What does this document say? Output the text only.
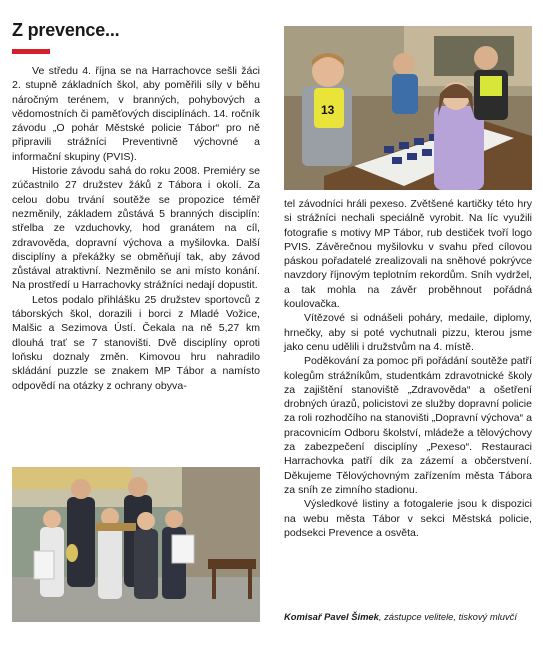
Z prevence...

Ve středu 4. října se na Harrachovce sešli žáci 2. stupně základních škol, aby poměřili síly v běhu náročným terénem, v branných, pohybových a vědomostních či paměťových disciplínách. 14. ročník závodu „O pohár Městské policie Tábor“ pro ně připravili strážníci Preventivně výchovné a informační skupiny (PVIS).

Historie závodu sahá do roku 2008. Premiéry se zúčastnilo 27 družstev žáků z Tábora i okolí. Za celou dobu trvání soutěže se propozice téměř nezměnily, základem zůstává 5 branných disciplín: střelba ze vzduchovky, hod granátem na cíl, zdravověda, dopravní výchova a myšilovka. Další disciplíny a překážky se obměňují tak, aby závod zůstával atraktivní. Nezměnilo se ani místo konání. Na prostředí u Harrachovky strážníci nedají dopustit.

Letos podalo přihlášku 25 družstev sportovců z táborských škol, dorazili i borci z Mladé Vožice, Malšic a Sezimova Ústí. Čekala na ně 5,27 km dlouhá trať se 7 stanovišti. Dvě disciplíny oproti loňsku doznaly změn. Kimovou hru nahradilo skládání puzzle se znakem MP Tábor a namísto odpovědí na otázky z ochrany obyva-

13

tel závodníci hráli pexeso. Zvětšené kartičky této hry si strážníci nechali speciálně vyrobit. Na líc využili fotografie s motivy MP Tábor, rub destiček tvoří logo PVIS. Závěrečnou myšilovku v svahu před cílovou páskou pořadatelé zrealizovali na sněhové pokrývce navzdory říjnovým teplotním rekordům. Sníh vydržel, a tak mohla na závěr proběhnout pořádná koulovačka.

Vítězové si odnášeli poháry, medaile, diplomy, hrnečky, aby si poté vychutnali pizzu, kterou jsme jako cenu udělili i družstvům na 4. místě.

Poděkování za pomoc při pořádání soutěže patří kolegům strážníkům, studentkám zdravotnické školy za zajištění stanoviště „Zdravověda“ a ošetření drobných úrazů, policistovi ze služby dopravní policie za roli rozhodčího na stanovišti „Dopravní výchova“ a pracovnicím Odboru školství, mládeže a tělovýchovy za zabezpečení disciplíny „Pexeso“. Restauraci Harrachovka patří dík za zázemí a občerstvení. Děkujeme Tělovýchovným zařízením města Tábora za sníh ze zimního stadionu.

Výsledkové listiny a fotogalerie jsou k dispozici na webu města Tábor v sekci Městská policie, podsekci Prevence a osvěta.

Komisař Pavel Šimek, zástupce velitele, tiskový mluvčí
